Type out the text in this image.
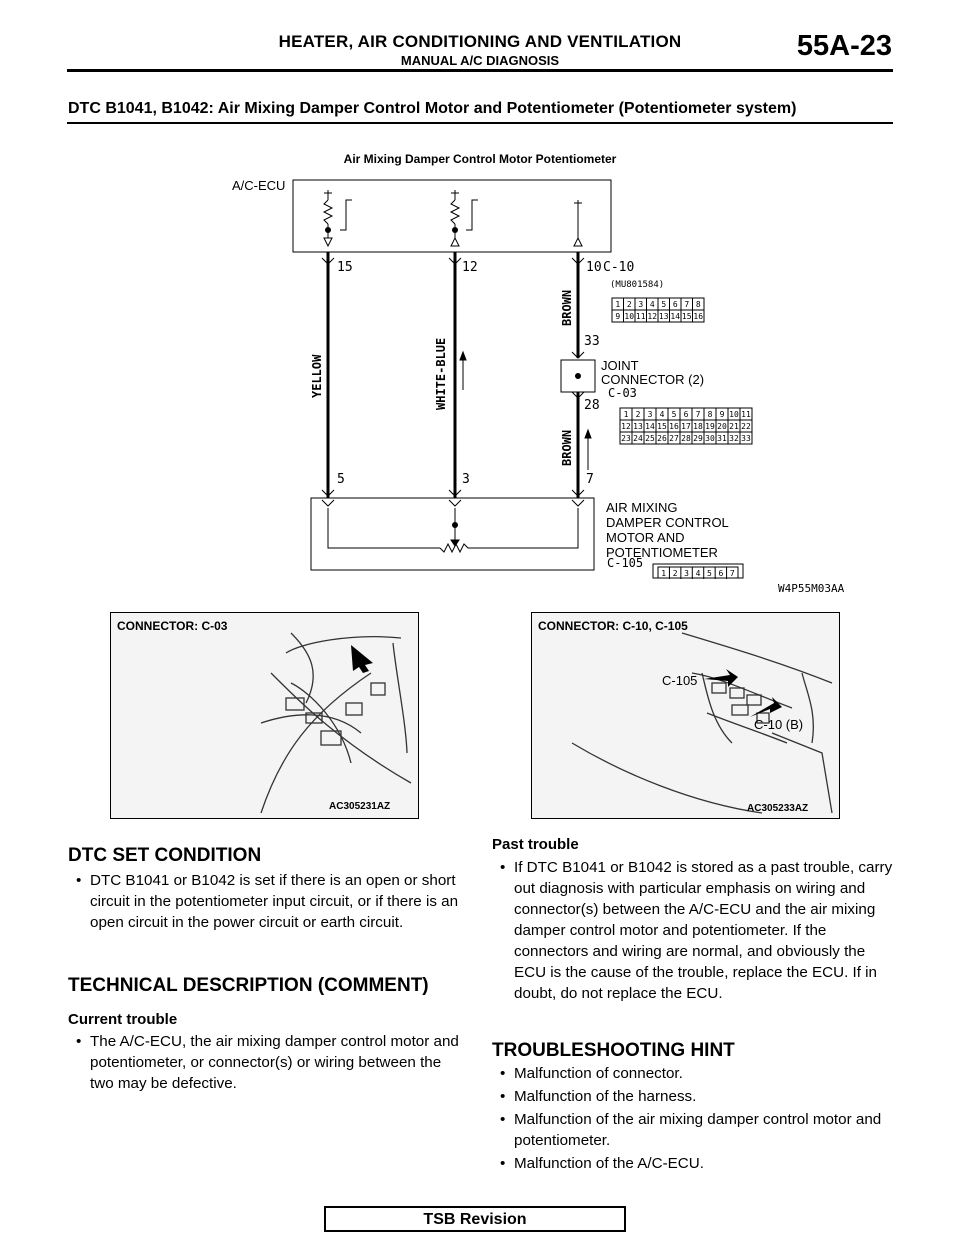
HEATER, AIR CONDITIONING AND VENTILATION
MANUAL A/C DIAGNOSIS	55A-23
DTC B1041, B1042: Air Mixing Damper Control Motor and Potentiometer (Potentiometer system)
Air Mixing Damper Control Motor Potentiometer
1 2 3 4 5 6 7 8
9 10 11 12 13 14 15 16
1 2 3 4 5 6 7 8 9 10 11
12 13 14 15 16 17 18 19 20 21 22
23 24 25 26 27 28 29 30 31 32 33
1 2 3 4 5 6 7
A/C-ECU
15	12	10 C-10
(MU801584)
YELLOW	WHITE-BLUE
BROWN
BROWN
33
28
JOINT
CONNECTOR (2)
C-03
5	3	7
AIR MIXING
DAMPER CONTROL
MOTOR AND
POTENTIOMETER
C-105
W4P55M03AA
CONNECTOR: C-03
AC305231AZ
CONNECTOR: C-10, C-105
C-105
C-10 (B)
AC305233AZ
DTC SET CONDITION
• DTC B1041 or B1042 is set if there is an open or short circuit in the potentiometer input circuit, or if there is an open circuit in the power circuit or earth circuit.
TECHNICAL DESCRIPTION (COMMENT)
Current trouble
• The A/C-ECU, the air mixing damper control motor and potentiometer, or connector(s) or wiring between the two may be defective.
Past trouble
• If DTC B1041 or B1042 is stored as a past trouble, carry out diagnosis with particular emphasis on wiring and connector(s) between the A/C-ECU and the air mixing damper control motor and potentiometer. If the connectors and wiring are normal, and obviously the ECU is the cause of the trouble, replace the ECU. If in doubt, do not replace the ECU.
TROUBLESHOOTING HINT
• Malfunction of connector.
• Malfunction of the harness.
• Malfunction of the air mixing damper control motor and potentiometer.
• Malfunction of the A/C-ECU.
TSB Revision
